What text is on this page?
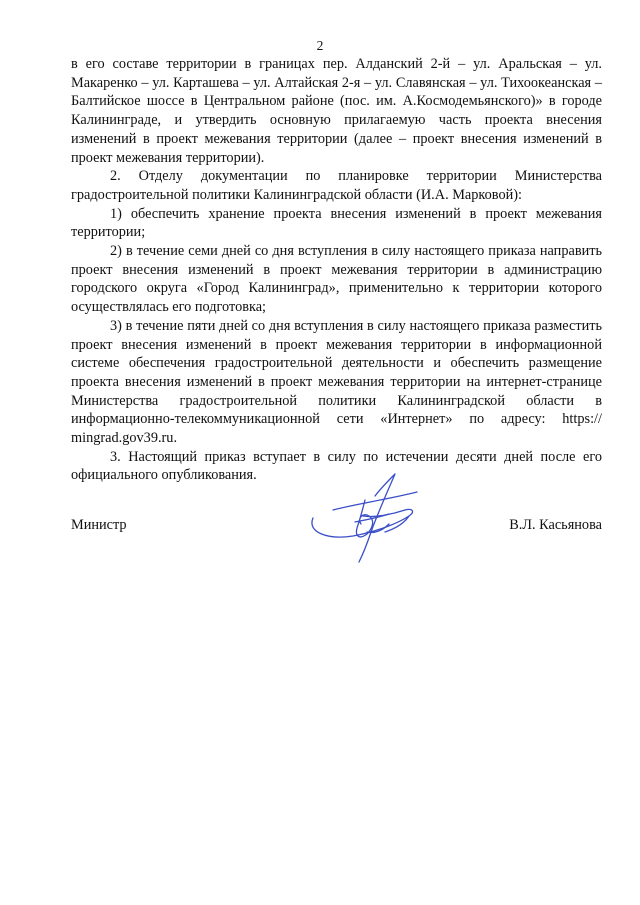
2

в его составе территории в границах пер. Алданский 2-й – ул. Аральская – ул. Макаренко – ул. Карташева – ул. Алтайская 2-я – ул. Славянская – ул. Тихоокеанская – Балтийское шоссе в Центральном районе (пос. им. А.Космодемьянского)» в городе Калининграде, и утвердить основную прилагаемую часть проекта внесения изменений в проект межевания территории (далее – проект внесения изменений в проект межевания территории).

2. Отделу документации по планировке территории Министерства градостроительной политики Калининградской области (И.А. Марковой):

1) обеспечить хранение проекта внесения изменений в проект межевания территории;

2) в течение семи дней со дня вступления в силу настоящего приказа направить проект внесения изменений в проект межевания территории в администрацию городского округа «Город Калининград», применительно к территории которого осуществлялась его подготовка;

3) в течение пяти дней со дня вступления в силу настоящего приказа разместить проект внесения изменений в проект межевания территории в информационной системе обеспечения градостроительной деятельности и обеспечить размещение проекта внесения изменений в проект межевания территории на интернет-странице Министерства градостроительной политики Калининградской области в информационно-телекоммуникационной сети «Интернет» по адресу: https:// mingrad.gov39.ru.

3. Настоящий приказ вступает в силу по истечении десяти дней после его официального опубликования.

Министр	В.Л. Касьянова
